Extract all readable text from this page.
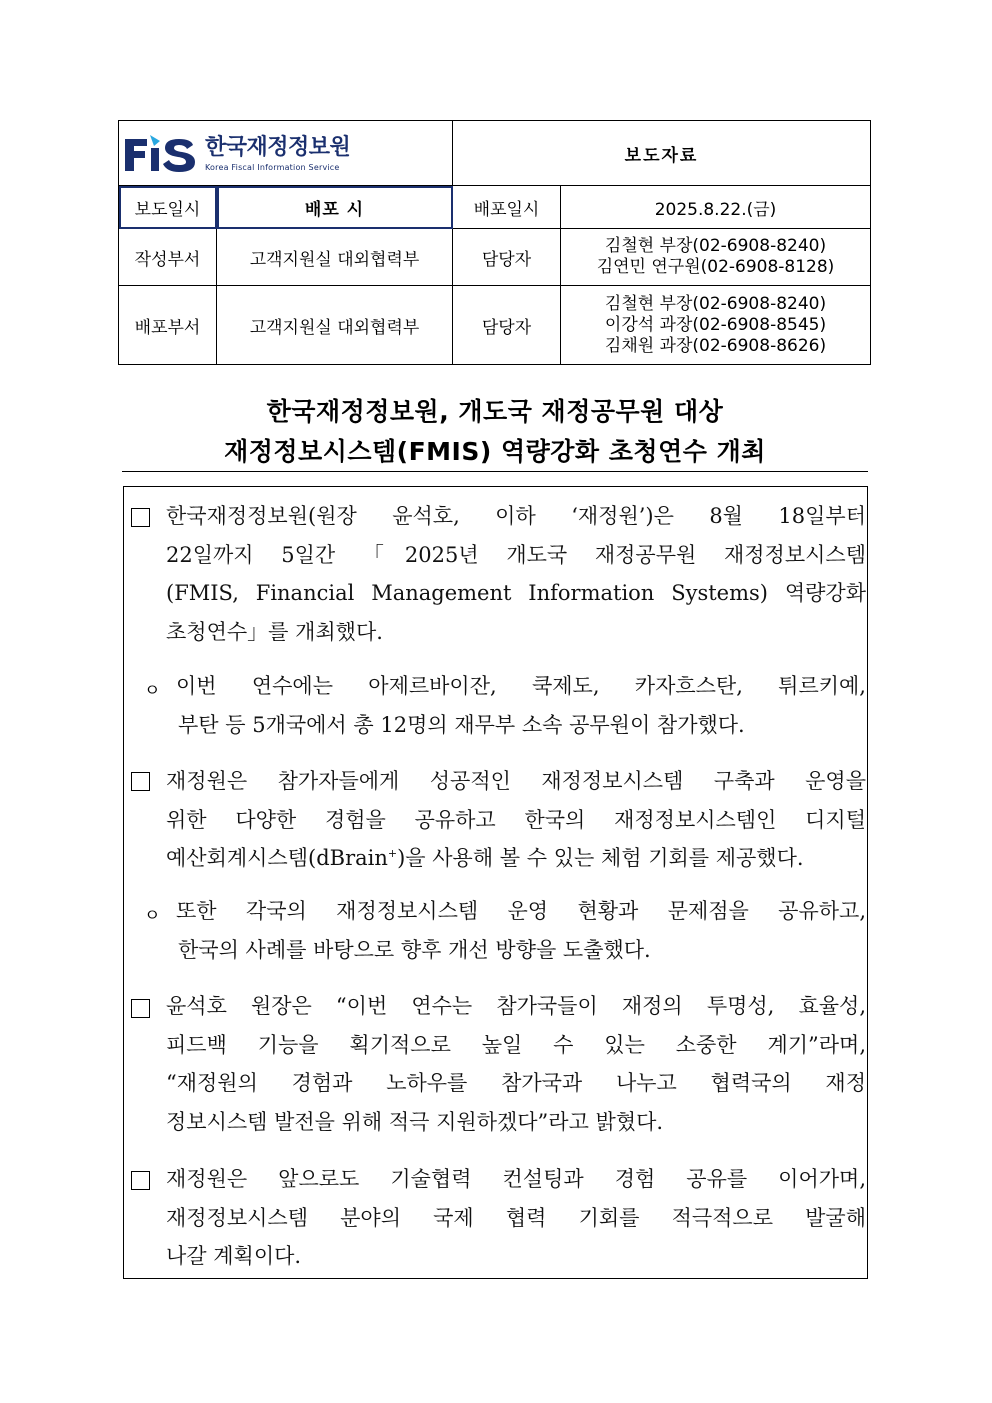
한국재정정보원
Korea Fiscal Information Service		보도자료	
보도일시	배포 시	배포일시	2025.8.22.(금)
작성부서	고객지원실 대외협력부	담당자	김철현 부장(02-6908-8240)
김연민 연구원(02-6908-8128)

배포부서	고객지원실 대외협력부	담당자	김철현 부장(02-6908-8240)
이강석 과장(02-6908-8545)
김채원 과장(02-6908-8626)
한국재정정보원, 개도국 재정공무원 대상
재정정보시스템(FMIS) 역량강화 초청연수 개최
한국재정정보원(원장 윤석호, 이하 ‘재정원’)은 8월 18일부터
22일까지 5일간 「2025년 개도국 재정공무원 재정정보시스템
(FMIS, Financial Management Information Systems) 역량강화
초청연수」를 개최했다.
ㅇ 이번 연수에는 아제르바이잔, 쿡제도, 카자흐스탄, 튀르키예,
부탄 등 5개국에서 총 12명의 재무부 소속 공무원이 참가했다.
재정원은 참가자들에게 성공적인 재정정보시스템 구축과 운영을
위한 다양한 경험을 공유하고 한국의 재정정보시스템인 디지털
예산회계시스템(dBrain+)을 사용해 볼 수 있는 체험 기회를 제공했다.
ㅇ 또한 각국의 재정정보시스템 운영 현황과 문제점을 공유하고,
한국의 사례를 바탕으로 향후 개선 방향을 도출했다.
윤석호 원장은 “이번 연수는 참가국들이 재정의 투명성, 효율성,
피드백 기능을 획기적으로 높일 수 있는 소중한 계기”라며,
“재정원의 경험과 노하우를 참가국과 나누고 협력국의 재정
정보시스템 발전을 위해 적극 지원하겠다”라고 밝혔다.
재정원은 앞으로도 기술협력 컨설팅과 경험 공유를 이어가며,
재정정보시스템 분야의 국제 협력 기회를 적극적으로 발굴해
나갈 계획이다.
